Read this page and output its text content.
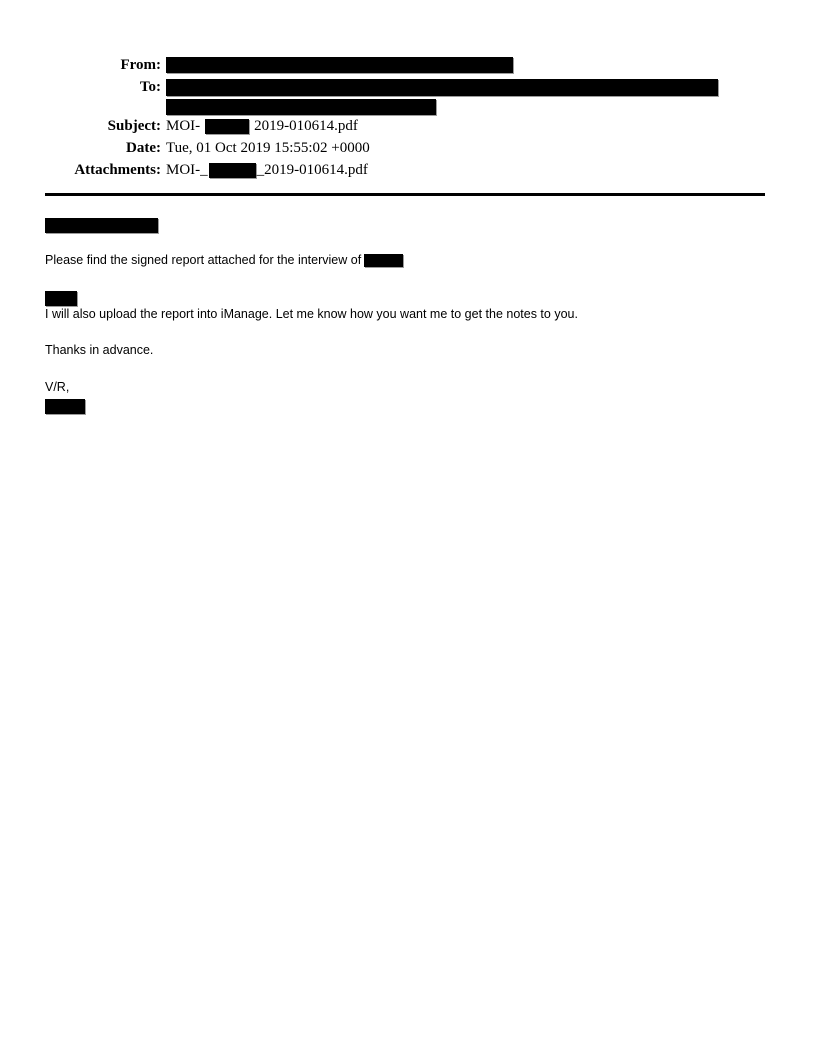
From:
To:
Subject: MOI-	2019-010614.pdf
Date: Tue, 01 Oct 2019 15:55:02 +0000
Attachments: MOI-_	_2019-010614.pdf
Please find the signed report attached for the interview of
I will also upload the report into iManage. Let me know how you want me to get the notes to you.
Thanks in advance.
V/R,
